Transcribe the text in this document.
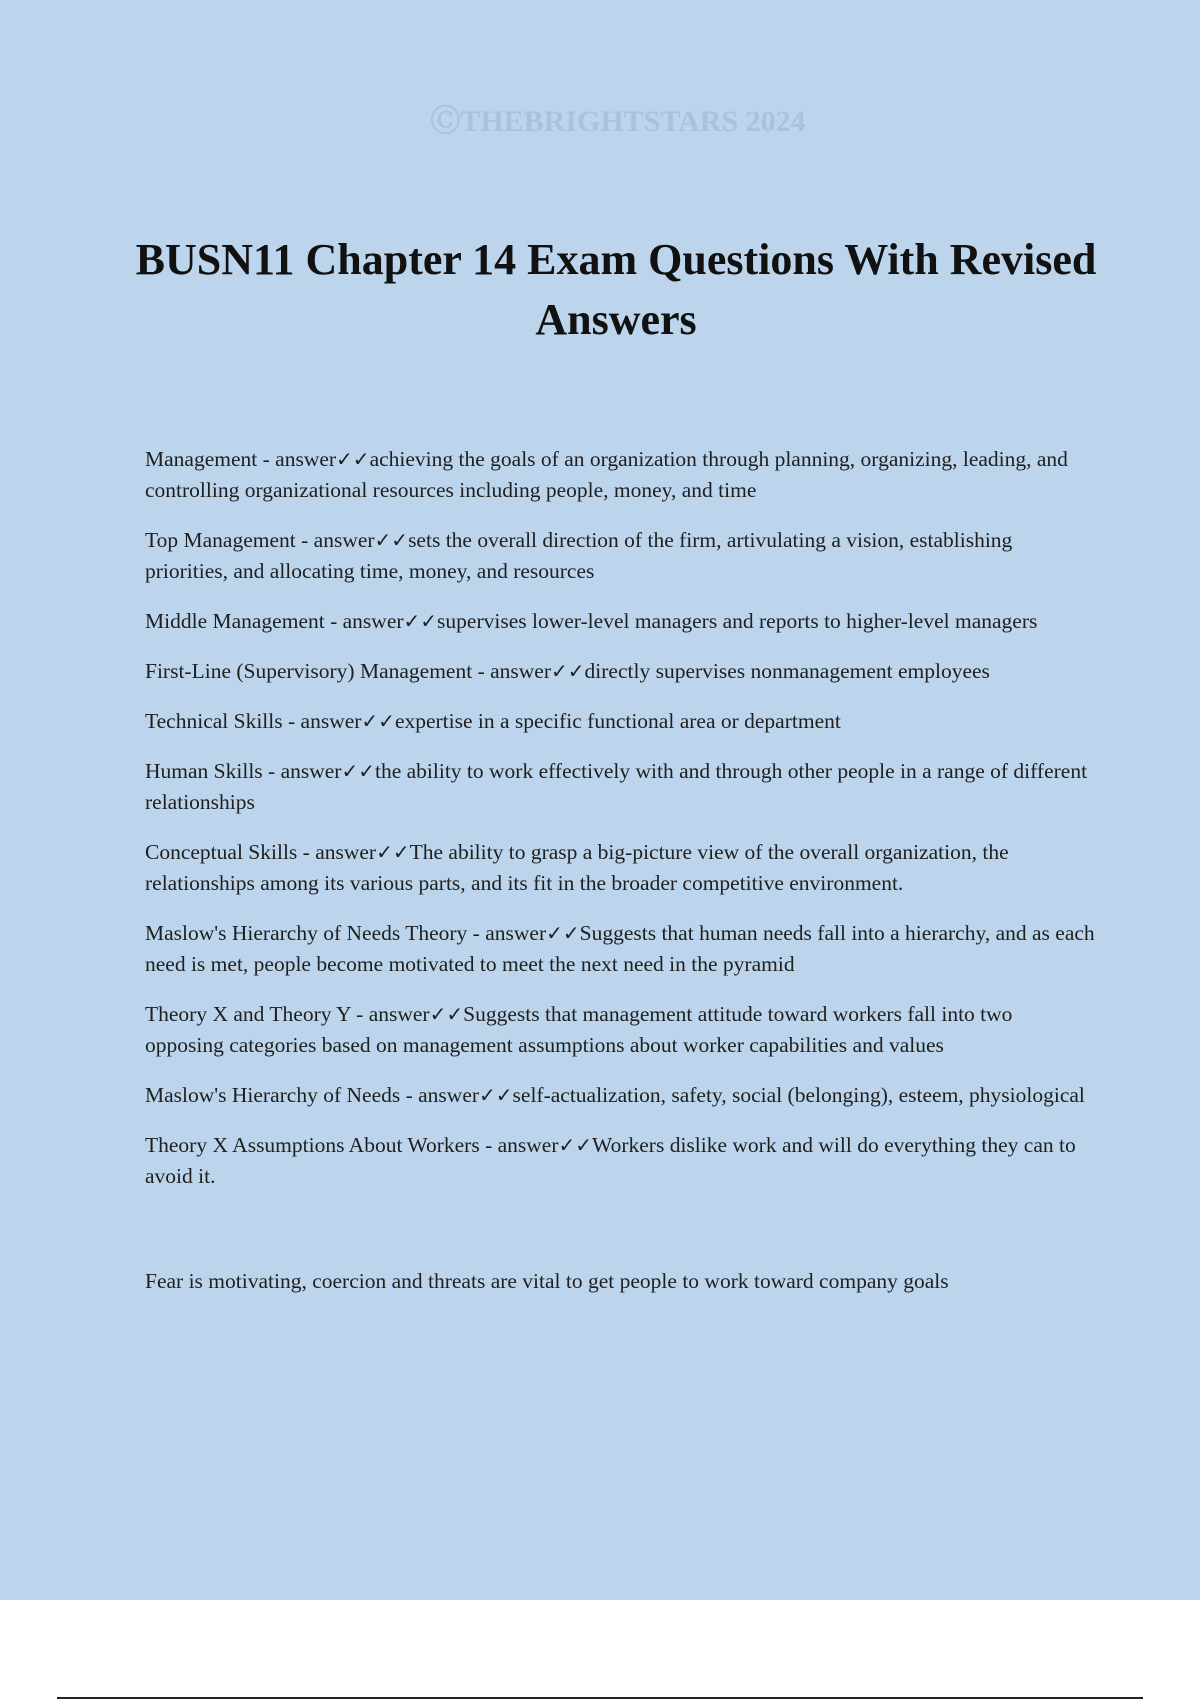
ⒸTHEBRIGHTSTARS 2024
BUSN11 Chapter 14 Exam Questions With Revised Answers

Management - answer✓✓achieving the goals of an organization through planning, organizing, leading, and controlling organizational resources including people, money, and time

Top Management - answer✓✓sets the overall direction of the firm, artivulating a vision, establishing priorities, and allocating time, money, and resources

Middle Management - answer✓✓supervises lower-level managers and reports to higher-level managers

First-Line (Supervisory) Management - answer✓✓directly supervises nonmanagement employees

Technical Skills - answer✓✓expertise in a specific functional area or department

Human Skills - answer✓✓the ability to work effectively with and through other people in a range of different relationships

Conceptual Skills - answer✓✓The ability to grasp a big-picture view of the overall organization, the relationships among its various parts, and its fit in the broader competitive environment.

Maslow's Hierarchy of Needs Theory - answer✓✓Suggests that human needs fall into a hierarchy, and as each need is met, people become motivated to meet the next need in the pyramid

Theory X and Theory Y - answer✓✓Suggests that management attitude toward workers fall into two opposing categories based on management assumptions about worker capabilities and values

Maslow's Hierarchy of Needs - answer✓✓self-actualization, safety, social (belonging), esteem, physiological

Theory X Assumptions About Workers - answer✓✓Workers dislike work and will do everything they can to avoid it.

Fear is motivating, coercion and threats are vital to get people to work toward company goals
